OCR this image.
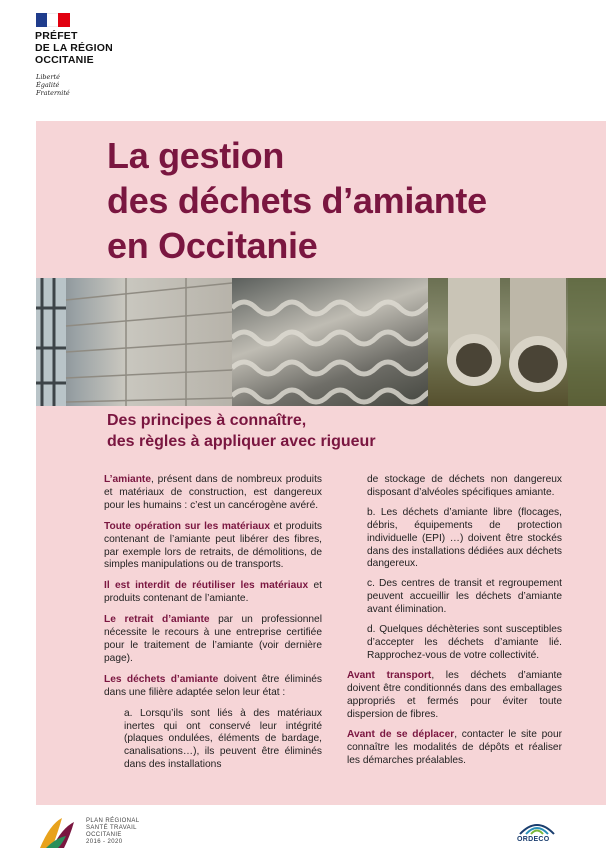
PRÉFET
DE LA RÉGION
OCCITANIE
Liberté
Égalité
Fraternité
La gestion
des déchets d’amiante
en Occitanie
Des principes à connaître,
des règles à appliquer avec rigueur

L’amiante, présent dans de nombreux produits et matériaux de construction, est dangereux pour les humains : c’est un cancérogène avéré.

Toute opération sur les matériaux et produits contenant de l’amiante peut libérer des fibres, par exemple lors de retraits, de démolitions, de simples manipulations ou de transports.

Il est interdit de réutiliser les matériaux et produits contenant de l’amiante.

Le retrait d’amiante par un professionnel nécessite le recours à une entreprise certifiée pour le traitement de l’amiante (voir dernière page).

Les déchets d’amiante doivent être éliminés dans une filière adaptée selon leur état :

a. Lorsqu’ils sont liés à des matériaux inertes qui ont conservé leur intégrité (plaques ondulées, éléments de bardage, canalisations…), ils peuvent être éliminés dans des installations

de stockage de déchets non dangereux disposant d’alvéoles spécifiques amiante.

b. Les déchets d’amiante libre (flocages, débris, équipements de protection individuelle (EPI) …) doivent être stockés dans des installations dédiées aux déchets dangereux.

c. Des centres de transit et regroupement peuvent accueillir les déchets d’amiante avant élimination.

d. Quelques déchèteries sont susceptibles d’accepter les déchets d’amiante lié. Rapprochez-vous de votre collectivité.

Avant transport, les déchets d’amiante doivent être conditionnés dans des emballages appropriés et fermés pour éviter toute dispersion de fibres.

Avant de se déplacer, contacter le site pour connaître les modalités de dépôts et réaliser les démarches préalables.

PLAN RÉGIONAL
SANTÉ TRAVAIL
OCCITANIE
2016 - 2020	ORDECO
